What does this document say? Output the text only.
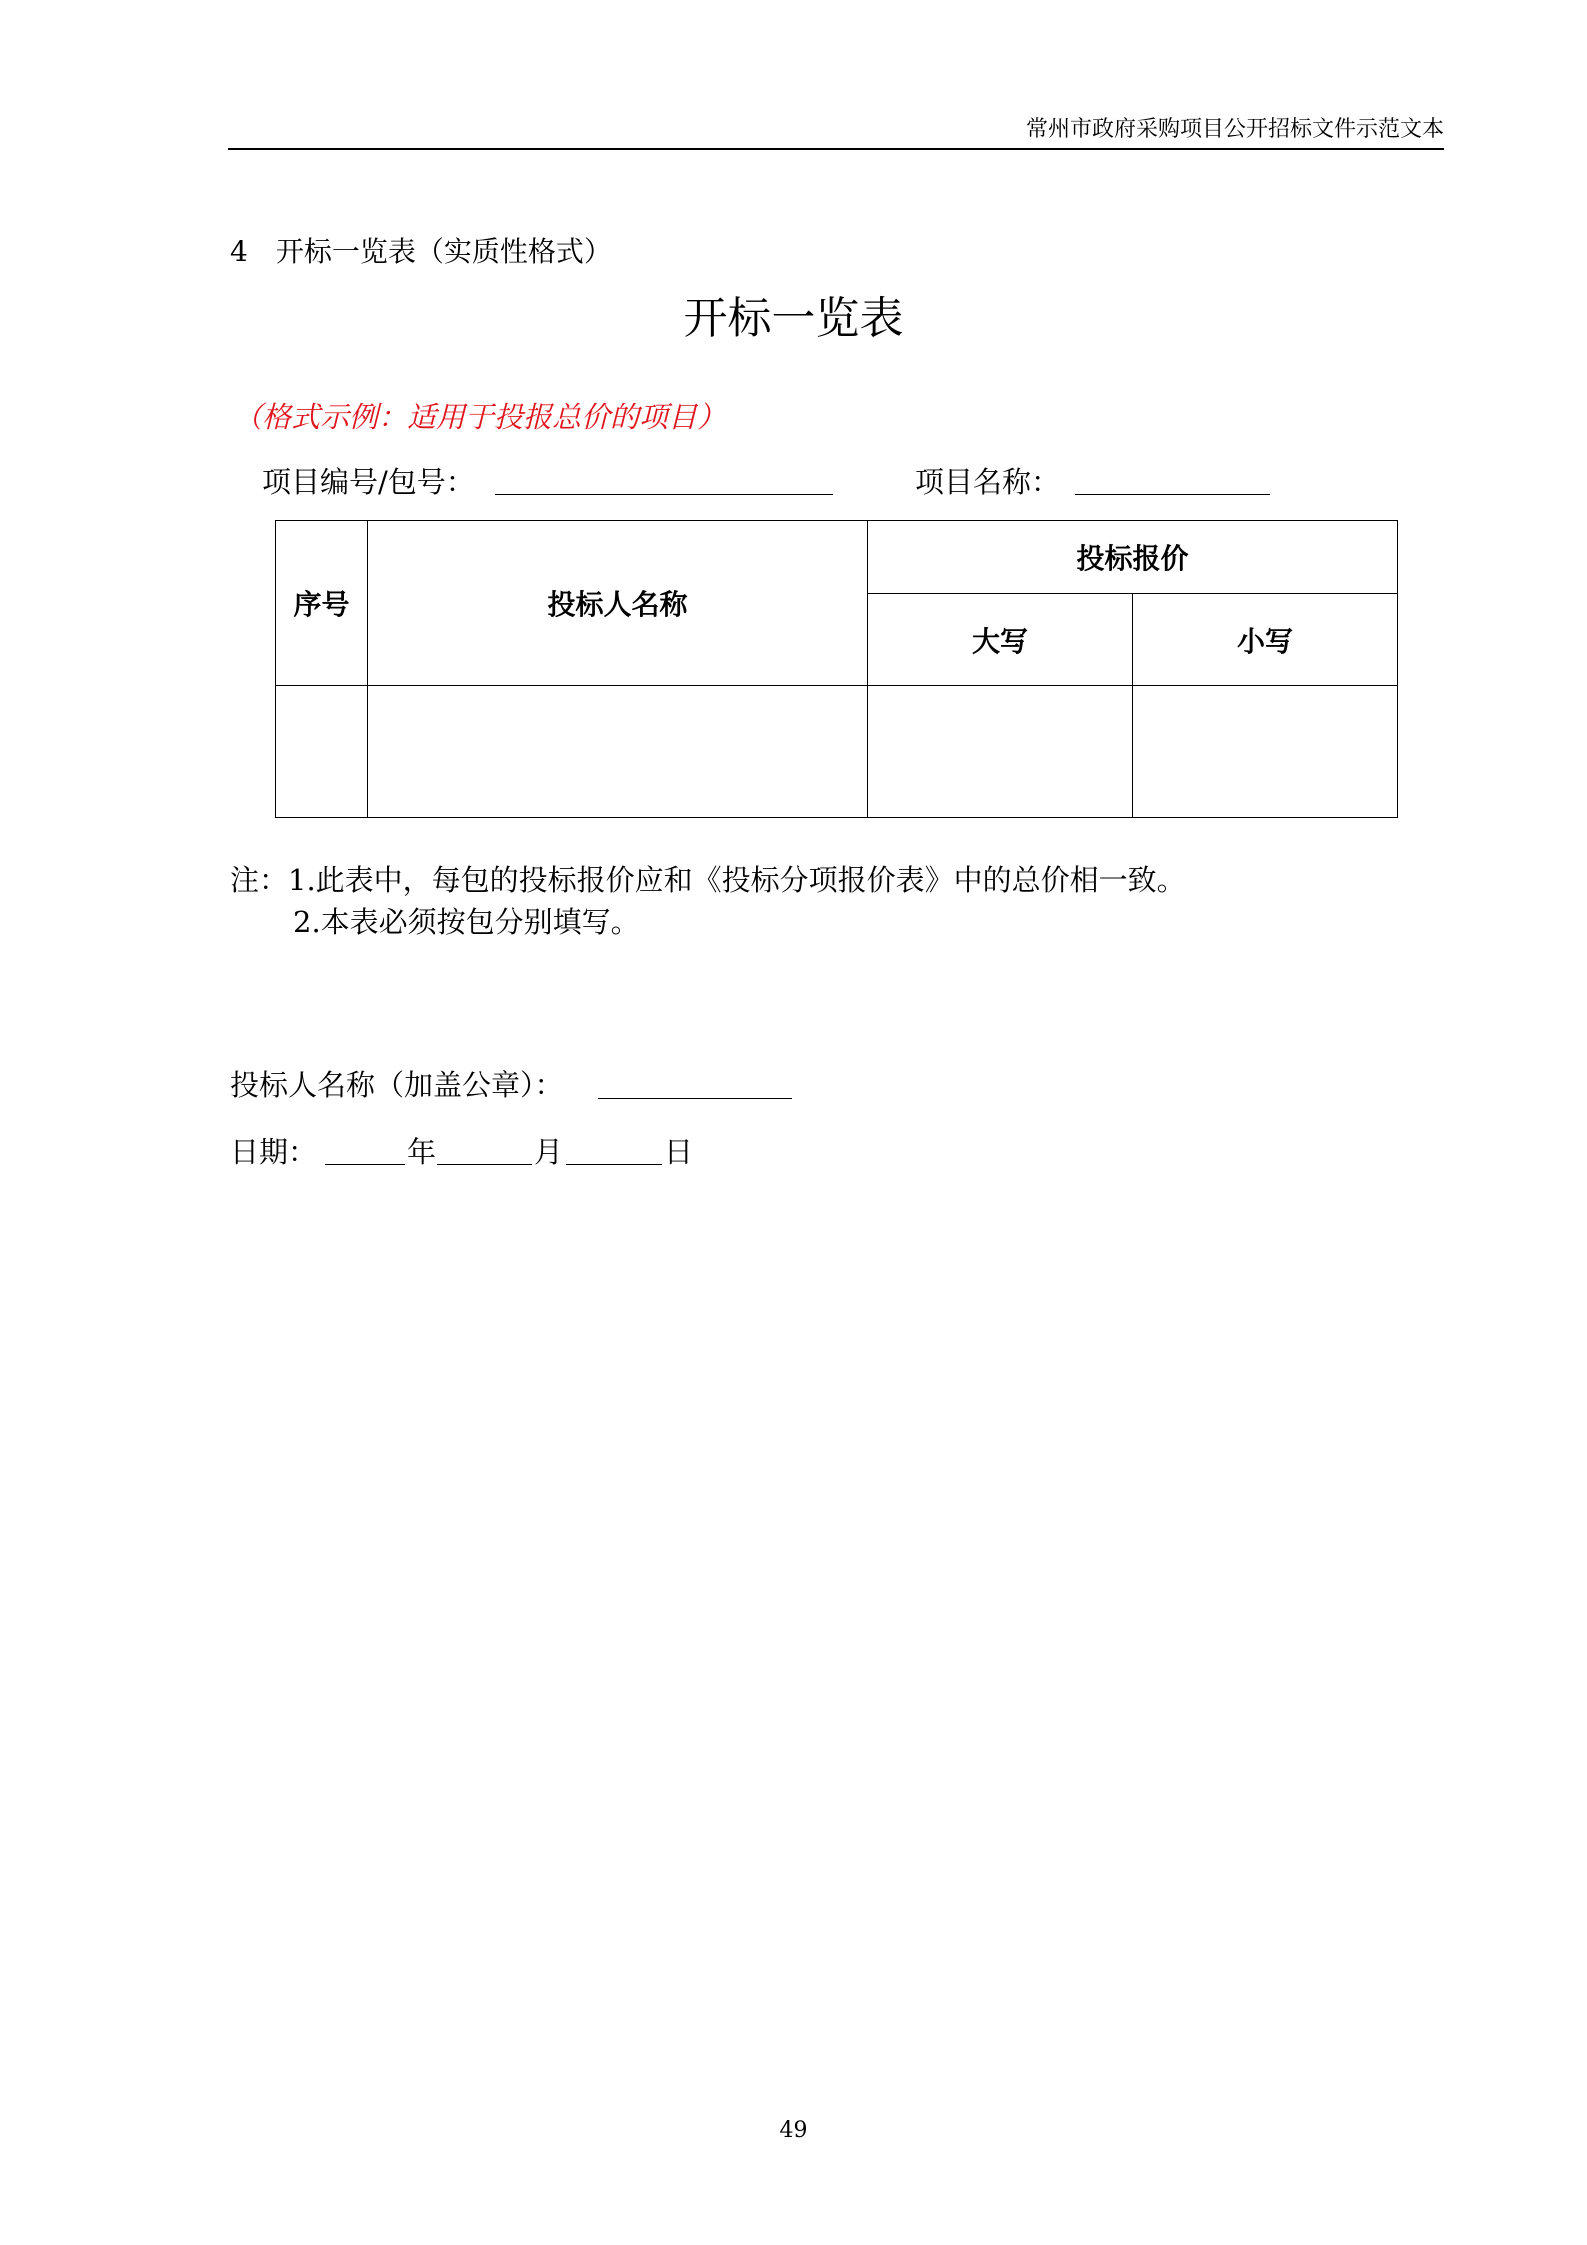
常州市政府采购项目公开招标文件示范文本
4　开标一览表（实质性格式）
开标一览表
（格式示例：适用于投报总价的项目）
项目编号/包号：	项目名称：
序号	投标人名称	投标报价	
		大写	小写

注：1.此表中，每包的投标报价应和《投标分项报价表》中的总价相一致。
2.本表必须按包分别填写。
投标人名称（加盖公章）：
日期：	年	月	日
49
